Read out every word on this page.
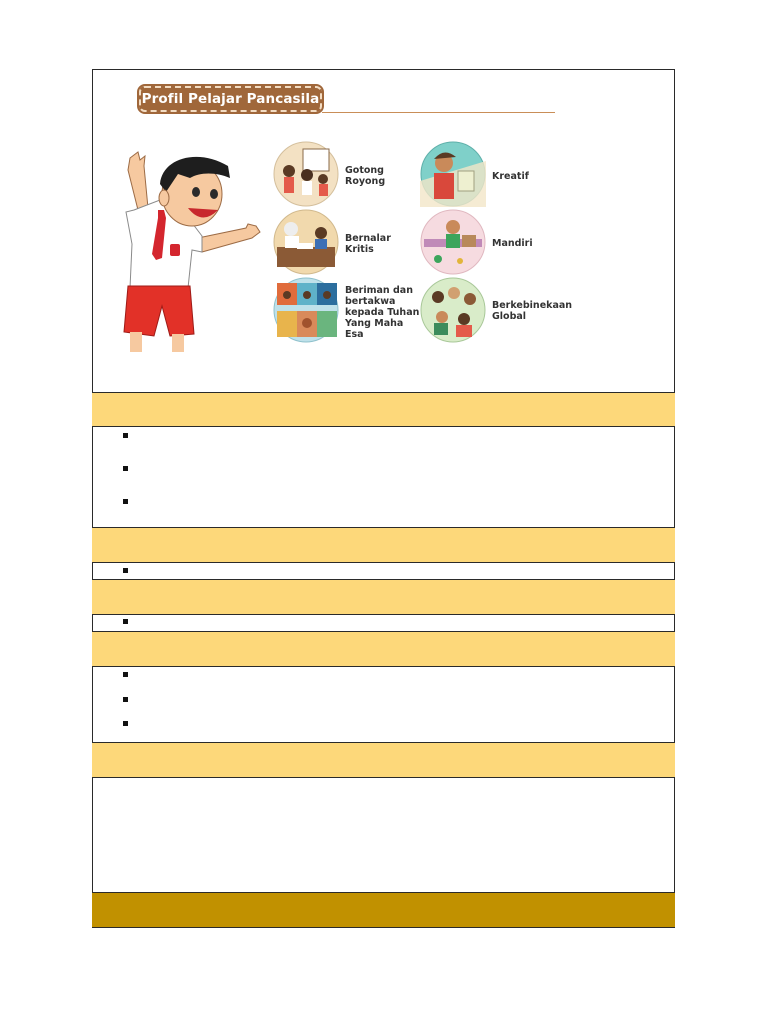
Profil Pelajar Pancasila
Gotong
Royong	Kreatif
Bernalar
Kritis
Mandiri
Beriman dan
bertakwa
kepada Tuhan
Yang Maha
Esa
Berkebinekaan
Global
